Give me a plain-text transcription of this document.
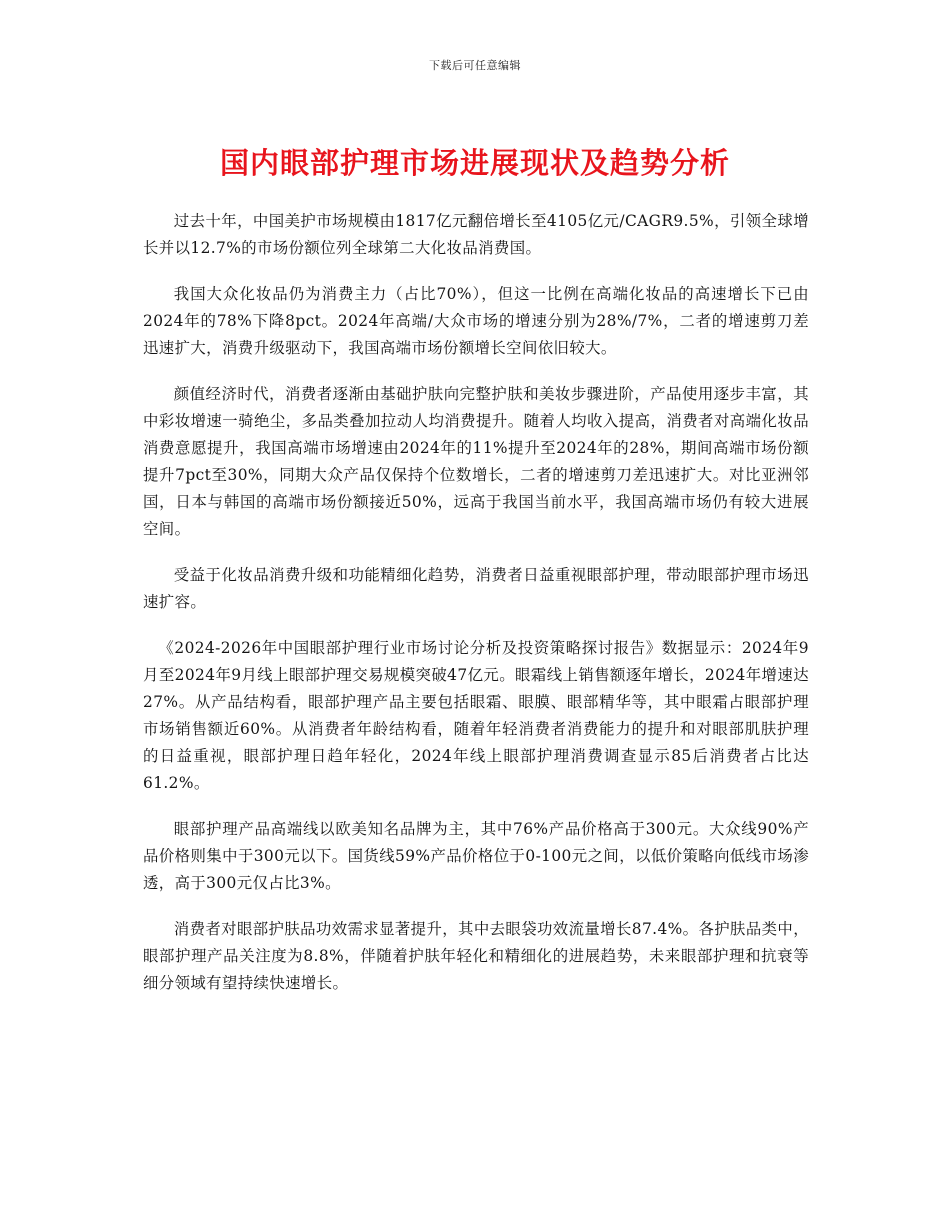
下载后可任意编辑
国内眼部护理市场进展现状及趋势分析

过去十年，中国美护市场规模由1817亿元翻倍增长至4105亿元/CAGR9.5%，引领全球增长并以12.7%的市场份额位列全球第二大化妆品消费国。

我国大众化妆品仍为消费主力（占比70%），但这一比例在高端化妆品的高速增长下已由2024年的78%下降8pct。2024年高端/大众市场的增速分别为28%/7%，二者的增速剪刀差迅速扩大，消费升级驱动下，我国高端市场份额增长空间依旧较大。

颜值经济时代，消费者逐渐由基础护肤向完整护肤和美妆步骤进阶，产品使用逐步丰富，其中彩妆增速一骑绝尘，多品类叠加拉动人均消费提升。随着人均收入提高，消费者对高端化妆品消费意愿提升，我国高端市场增速由2024年的11%提升至2024年的28%，期间高端市场份额提升7pct至30%，同期大众产品仅保持个位数增长，二者的增速剪刀差迅速扩大。对比亚洲邻国，日本与韩国的高端市场份额接近50%，远高于我国当前水平，我国高端市场仍有较大进展空间。

受益于化妆品消费升级和功能精细化趋势，消费者日益重视眼部护理，带动眼部护理市场迅速扩容。

《2024-2026年中国眼部护理行业市场讨论分析及投资策略探讨报告》数据显示：2024年9月至2024年9月线上眼部护理交易规模突破47亿元。眼霜线上销售额逐年增长，2024年增速达27%。从产品结构看，眼部护理产品主要包括眼霜、眼膜、眼部精华等，其中眼霜占眼部护理市场销售额近60%。从消费者年龄结构看，随着年轻消费者消费能力的提升和对眼部肌肤护理的日益重视，眼部护理日趋年轻化，2024年线上眼部护理消费调查显示85后消费者占比达61.2%。

眼部护理产品高端线以欧美知名品牌为主，其中76%产品价格高于300元。大众线90%产品价格则集中于300元以下。国货线59%产品价格位于0-100元之间，以低价策略向低线市场渗透，高于300元仅占比3%。

消费者对眼部护肤品功效需求显著提升，其中去眼袋功效流量增长87.4%。各护肤品类中，眼部护理产品关注度为8.8%，伴随着护肤年轻化和精细化的进展趋势，未来眼部护理和抗衰等细分领域有望持续快速增长。
